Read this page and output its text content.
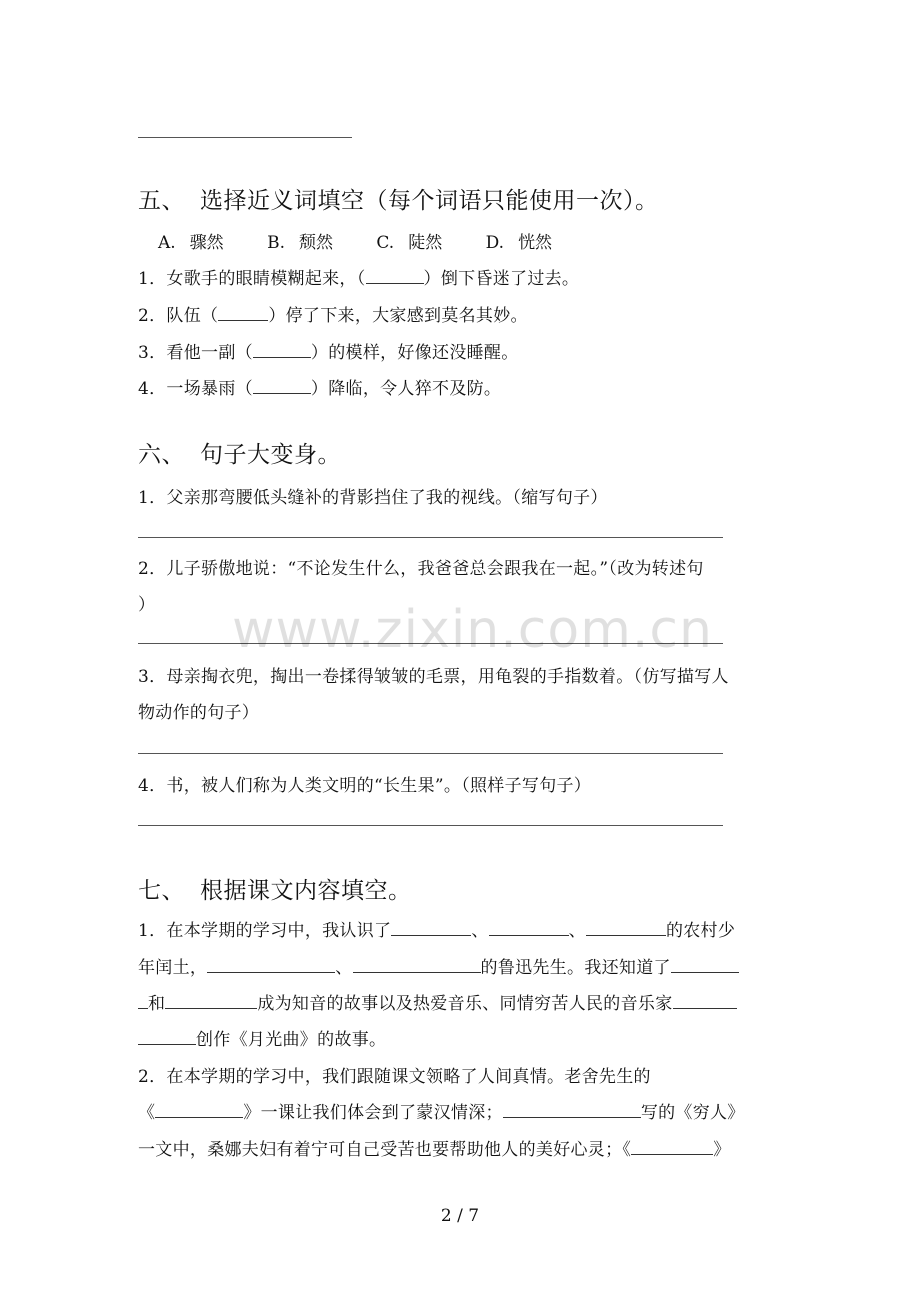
五、 选择近义词填空（每个词语只能使用一次）。
A. 骤然	B. 颓然	C. 陡然	D. 恍然
1．女歌手的眼睛模糊起来，（	）倒下昏迷了过去。
2．队伍（	）停了下来，大家感到莫名其妙。
3．看他一副（	）的模样，好像还没睡醒。
4．一场暴雨（	）降临，令人猝不及防。
六、 句子大变身。
1．父亲那弯腰低头缝补的背影挡住了我的视线。（缩写句子）
2．儿子骄傲地说：“不论发生什么，我爸爸总会跟我在一起。”（改为转述句
）
3．母亲掏衣兜，掏出一卷揉得皱皱的毛票，用龟裂的手指数着。（仿写描写人
物动作的句子）
4．书，被人们称为人类文明的“长生果”。（照样子写句子）
七、 根据课文内容填空。
1．在本学期的学习中，我认识了	、	、	的农村少
年闰土，	、	的鲁迅先生。我还知道了
和	成为知音的故事以及热爱音乐、同情穷苦人民的音乐家
创作《月光曲》的故事。
2．在本学期的学习中，我们跟随课文领略了人间真情。老舍先生的
《	》一课让我们体会到了蒙汉情深；	写的《穷人》
一文中，桑娜夫妇有着宁可自己受苦也要帮助他人的美好心灵；《	》
www.zixin.com.cn
2 / 7
